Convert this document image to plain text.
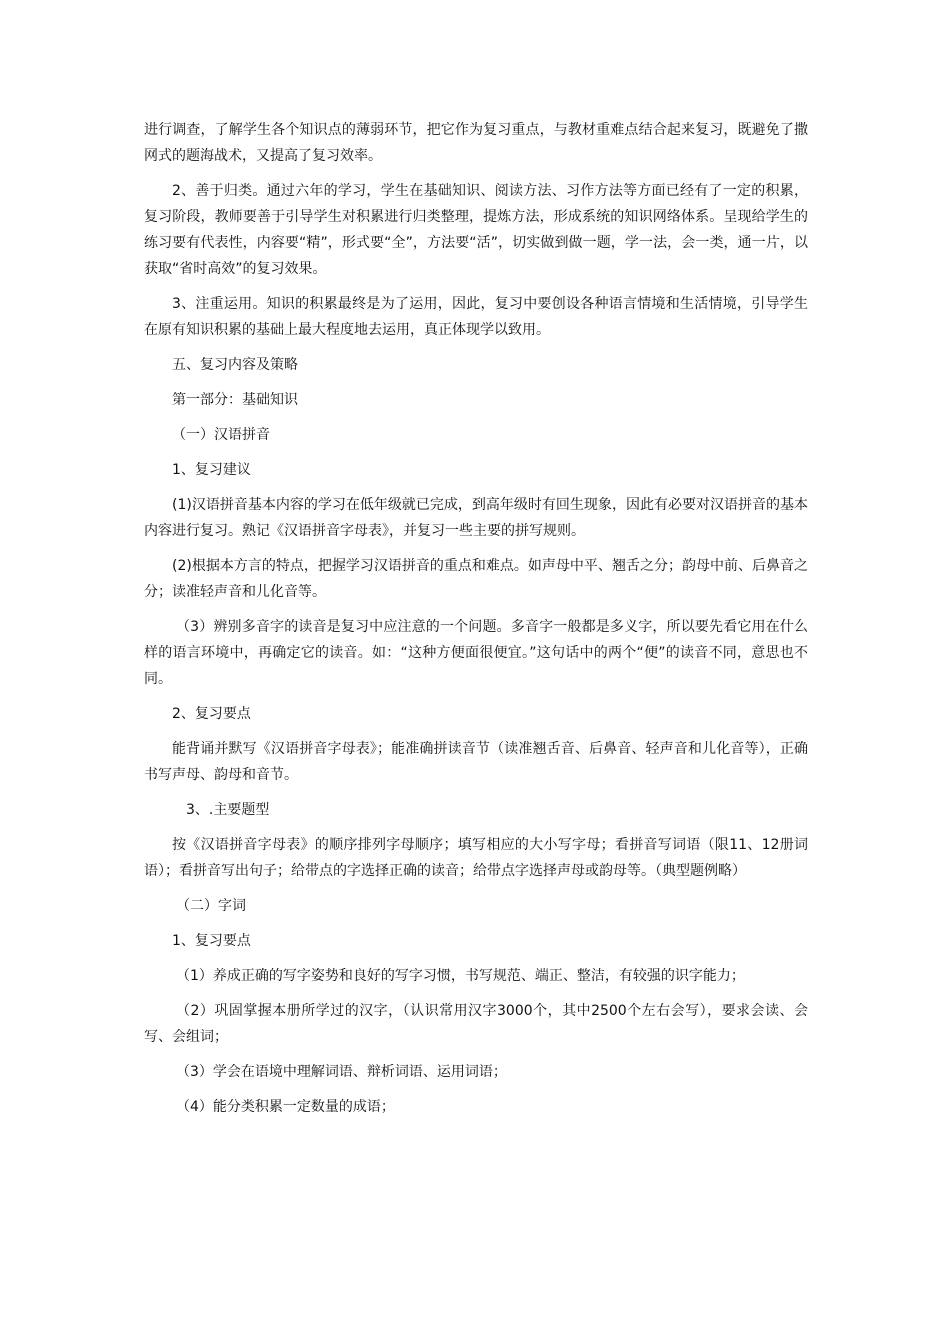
进行调查，了解学生各个知识点的薄弱环节，把它作为复习重点，与教材重难点结合起来复习，既避免了撒网式的题海战术，又提高了复习效率。

2、善于归类。通过六年的学习，学生在基础知识、阅读方法、习作方法等方面已经有了一定的积累，复习阶段，教师要善于引导学生对积累进行归类整理，提炼方法，形成系统的知识网络体系。呈现给学生的练习要有代表性，内容要“精”，形式要“全”，方法要“活”，切实做到做一题，学一法，会一类，通一片，以获取“省时高效”的复习效果。

3、注重运用。知识的积累最终是为了运用，因此，复习中要创设各种语言情境和生活情境，引导学生在原有知识积累的基础上最大程度地去运用，真正体现学以致用。

五、复习内容及策略

第一部分：基础知识

（一）汉语拼音

1、复习建议

(1)汉语拼音基本内容的学习在低年级就已完成，到高年级时有回生现象，因此有必要对汉语拼音的基本内容进行复习。熟记《汉语拼音字母表》，并复习一些主要的拼写规则。

(2)根据本方言的特点，把握学习汉语拼音的重点和难点。如声母中平、翘舌之分；韵母中前、后鼻音之分；读准轻声音和儿化音等。

（3）辨别多音字的读音是复习中应注意的一个问题。多音字一般都是多义字，所以要先看它用在什么样的语言环境中，再确定它的读音。如：“这种方便面很便宜。”这句话中的两个“便”的读音不同，意思也不同。

2、复习要点

能背诵并默写《汉语拼音字母表》；能准确拼读音节（读准翘舌音、后鼻音、轻声音和儿化音等），正确书写声母、韵母和音节。

3、.主要题型

按《汉语拼音字母表》的顺序排列字母顺序；填写相应的大小写字母；看拼音写词语（限11、12册词语）；看拼音写出句子；给带点的字选择正确的读音；给带点字选择声母或韵母等。（典型题例略）

（二）字词

1、复习要点

（1）养成正确的写字姿势和良好的写字习惯，书写规范、端正、整洁，有较强的识字能力；

（2）巩固掌握本册所学过的汉字，（认识常用汉字3000个，其中2500个左右会写），要求会读、会写、会组词；

（3）学会在语境中理解词语、辩析词语、运用词语；

（4）能分类积累一定数量的成语；
